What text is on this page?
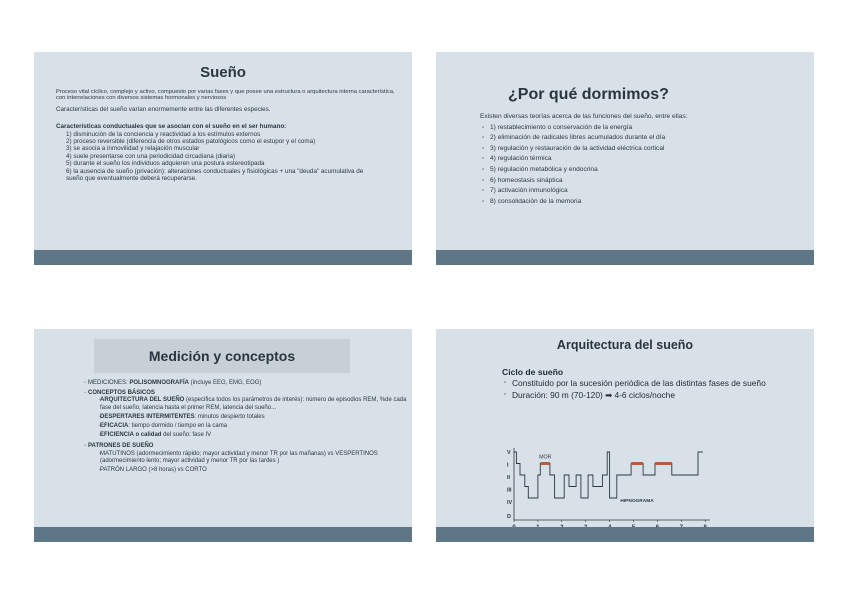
Sueño

Proceso vital cíclico, complejo y activo, compuesto por varias fases y que posee una estructura o arquitectura interna característica, con interrelaciones con diversos sistemas hormonales y nerviosos

Características del sueño varían enormemente entre las diferentes especies.

Características conductuales que se asocian con el sueño en el ser humano:

1) disminución de la conciencia y reactividad a los estímulos externos

2) proceso reversible (diferencia de otros estados patológicos como el estupor y el coma)

3) se asocia a inmovilidad y relajación muscular

4) suele presentarse con una periodicidad circadiana (diaria)

5) durante el sueño los individuos adquieren una postura estereotipada

6) la ausencia de sueño (privación): alteraciones conductuales y fisiológicas + una "deuda" acumulativa de sueño que eventualmente deberá recuperarse.

¿Por qué dormimos?

Existen diversas teorías acerca de las funciones del sueño, entre ellas:

▫ 1) restablecimiento o conservación de la energía

▫ 2) eliminación de radicales libres acumulados durante el día

▫ 3) regulación y restauración de la actividad eléctrica cortical

▫ 4) regulación térmica

▫ 5) regulación metabólica y endocrina

▫ 6) homeostasis sináptica

▫ 7) activación inmunológica

▫ 8) consolidación de la memoria

Medición y conceptos

▫ MEDICIONES: POLISOMNOGRAFÍA (incluye EEG, EMG, EOG)

▫ CONCEPTOS BÁSICOS

▫ ARQUITECTURA DEL SUEÑO (especifica todos los parámetros de interés): número de episodios REM, %de cada fase del sueño, latencia hasta el primer REM, latencia del sueño...

▫ DESPERTARES INTERMITENTES: minutos despierto totales

▫ EFICACIA: tiempo dormido / tiempo en la cama

▫ EFICIENCIA o calidad del sueño: fase IV

▫ PATRONES DE SUEÑO

▫ MATUTINOS (adormecimiento rápido; mayor actividad y menor TR por las mañanas) vs VESPERTINOS (adormecimiento lento; mayor actividad y menor TR por las tardes )

▫ PATRÓN LARGO (>8 horas) vs CORTO

Arquitectura del sueño

Ciclo de sueño

▫ Constituido por la sucesión periódica de las distintas fases de sueño

▫ Duración: 90 m (70-120) ➡ 4-6 ciclos/noche

V
I
II
III
IV
D
MOR
HIPNOGRAMA
